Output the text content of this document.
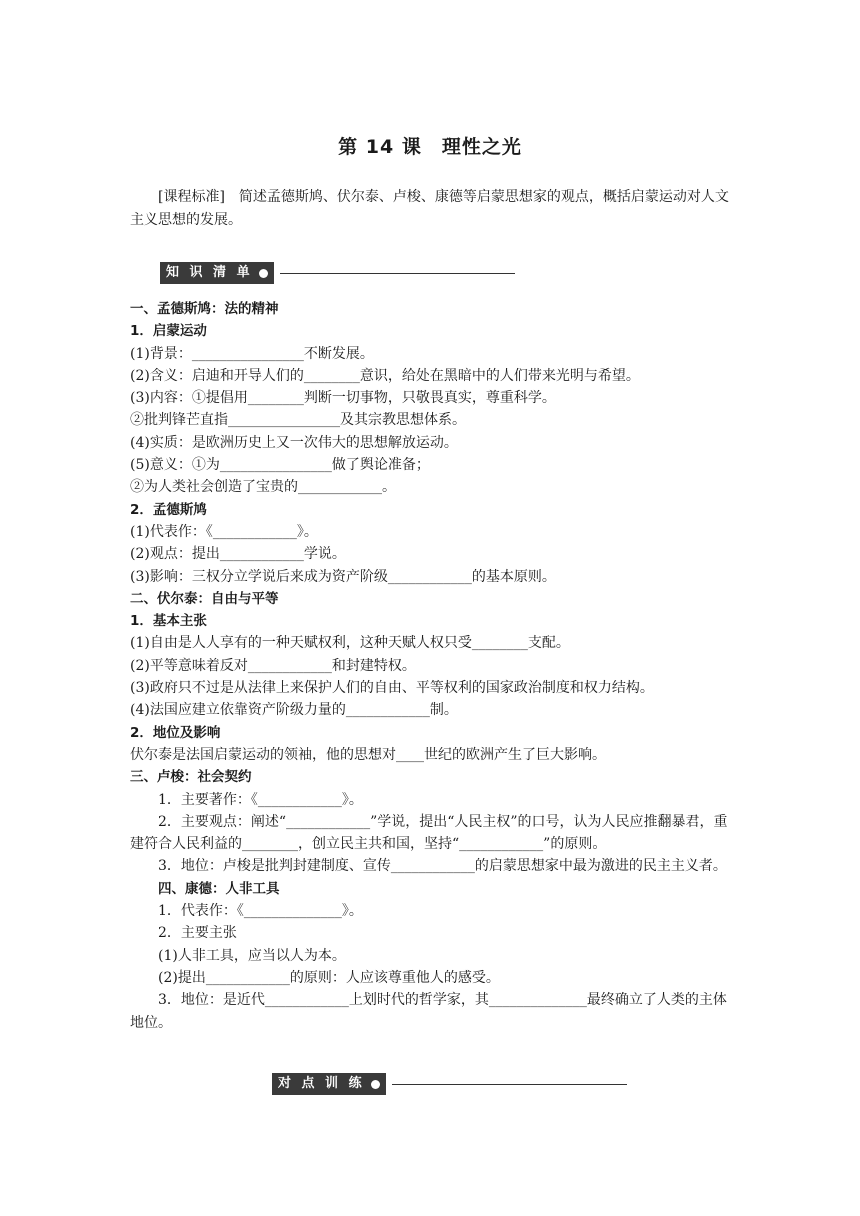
第 14 课　理性之光
[课程标准]　简述孟德斯鸠、伏尔泰、卢梭、康德等启蒙思想家的观点，概括启蒙运动对人文主义思想的发展。
知 识 清 单
一、孟德斯鸠：法的精神
1．启蒙运动
(1)背景：________________不断发展。
(2)含义：启迪和开导人们的________意识，给处在黑暗中的人们带来光明与希望。
(3)内容：①提倡用________判断一切事物，只敬畏真实，尊重科学。
②批判锋芒直指________________及其宗教思想体系。
(4)实质：是欧洲历史上又一次伟大的思想解放运动。
(5)意义：①为________________做了舆论准备；
②为人类社会创造了宝贵的____________。
2．孟德斯鸠
(1)代表作：《____________》。
(2)观点：提出____________学说。
(3)影响：三权分立学说后来成为资产阶级____________的基本原则。
二、伏尔泰：自由与平等
1．基本主张
(1)自由是人人享有的一种天赋权利，这种天赋人权只受________支配。
(2)平等意味着反对____________和封建特权。
(3)政府只不过是从法律上来保护人们的自由、平等权利的国家政治制度和权力结构。
(4)法国应建立依靠资产阶级力量的____________制。
2．地位及影响
伏尔泰是法国启蒙运动的领袖，他的思想对____世纪的欧洲产生了巨大影响。
三、卢梭：社会契约
1．主要著作：《____________》。
2．主要观点：阐述“____________”学说，提出“人民主权”的口号，认为人民应推翻暴君，重建符合人民利益的________，创立民主共和国，坚持“____________”的原则。
3．地位：卢梭是批判封建制度、宣传____________的启蒙思想家中最为激进的民主主义者。
四、康德：人非工具
1．代表作：《______________》。
2．主要主张
(1)人非工具，应当以人为本。
(2)提出____________的原则：人应该尊重他人的感受。
3．地位：是近代____________上划时代的哲学家，其______________最终确立了人类的主体地位。
对 点 训 练
